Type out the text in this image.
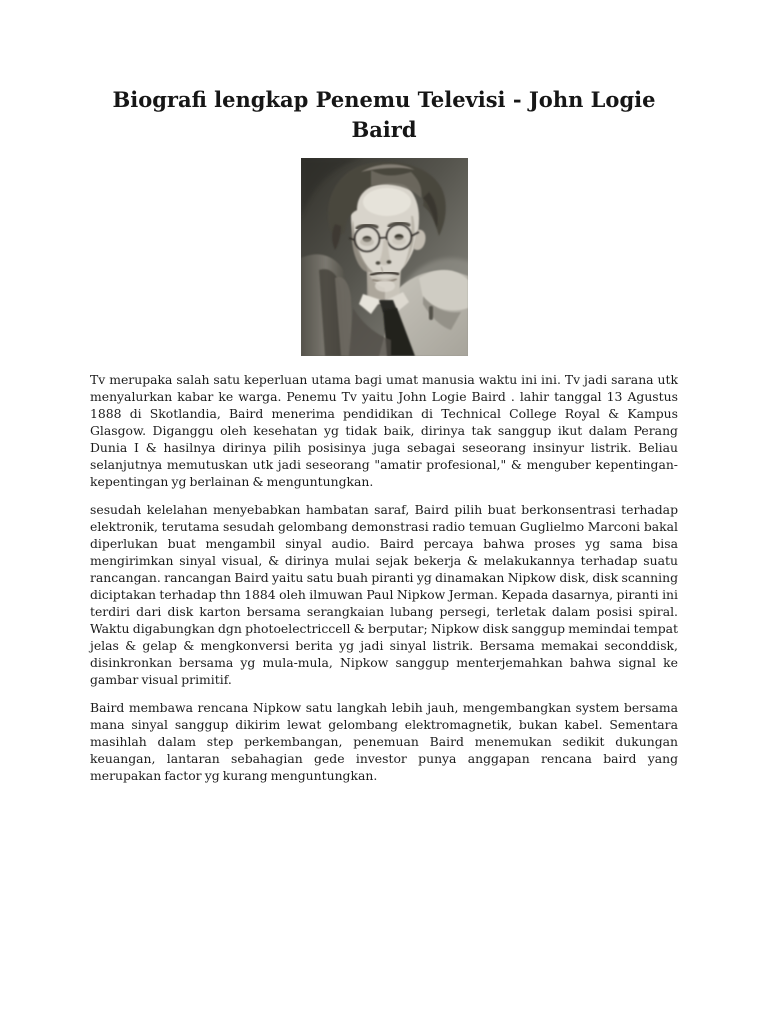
Biografi lengkap Penemu Televisi - John Logie Baird

Tv merupaka salah satu keperluan utama bagi umat manusia waktu ini ini. Tv jadi sarana utk menyalurkan kabar ke warga. Penemu Tv yaitu John Logie Baird . lahir tanggal 13 Agustus 1888 di Skotlandia, Baird menerima pendidikan di Technical College Royal & Kampus Glasgow. Diganggu oleh kesehatan yg tidak baik, dirinya tak sanggup ikut dalam Perang Dunia I & hasilnya dirinya pilih posisinya juga sebagai seseorang insinyur listrik. Beliau selanjutnya memutuskan utk jadi seseorang "amatir profesional," & menguber kepentingan-kepentingan yg berlainan & menguntungkan.

sesudah kelelahan menyebabkan hambatan saraf, Baird pilih buat berkonsentrasi terhadap elektronik, terutama sesudah gelombang demonstrasi radio temuan Guglielmo Marconi bakal diperlukan buat mengambil sinyal audio. Baird percaya bahwa proses yg sama bisa mengirimkan sinyal visual, & dirinya mulai sejak bekerja & melakukannya terhadap suatu rancangan. rancangan Baird yaitu satu buah piranti yg dinamakan Nipkow disk, disk scanning diciptakan terhadap thn 1884 oleh ilmuwan Paul Nipkow Jerman. Kepada dasarnya, piranti ini terdiri dari disk karton bersama serangkaian lubang persegi, terletak dalam posisi spiral. Waktu digabungkan dgn photoelectriccell & berputar; Nipkow disk sanggup memindai tempat jelas & gelap & mengkonversi berita yg jadi sinyal listrik. Bersama memakai seconddisk, disinkronkan bersama yg mula-mula, Nipkow sanggup menterjemahkan bahwa signal ke gambar visual primitif.

Baird membawa rencana Nipkow satu langkah lebih jauh, mengembangkan system bersama mana sinyal sanggup dikirim lewat gelombang elektromagnetik, bukan kabel. Sementara masihlah dalam step perkembangan, penemuan Baird menemukan sedikit dukungan keuangan, lantaran sebahagian gede investor punya anggapan rencana baird yang merupakan factor yg kurang menguntungkan.
